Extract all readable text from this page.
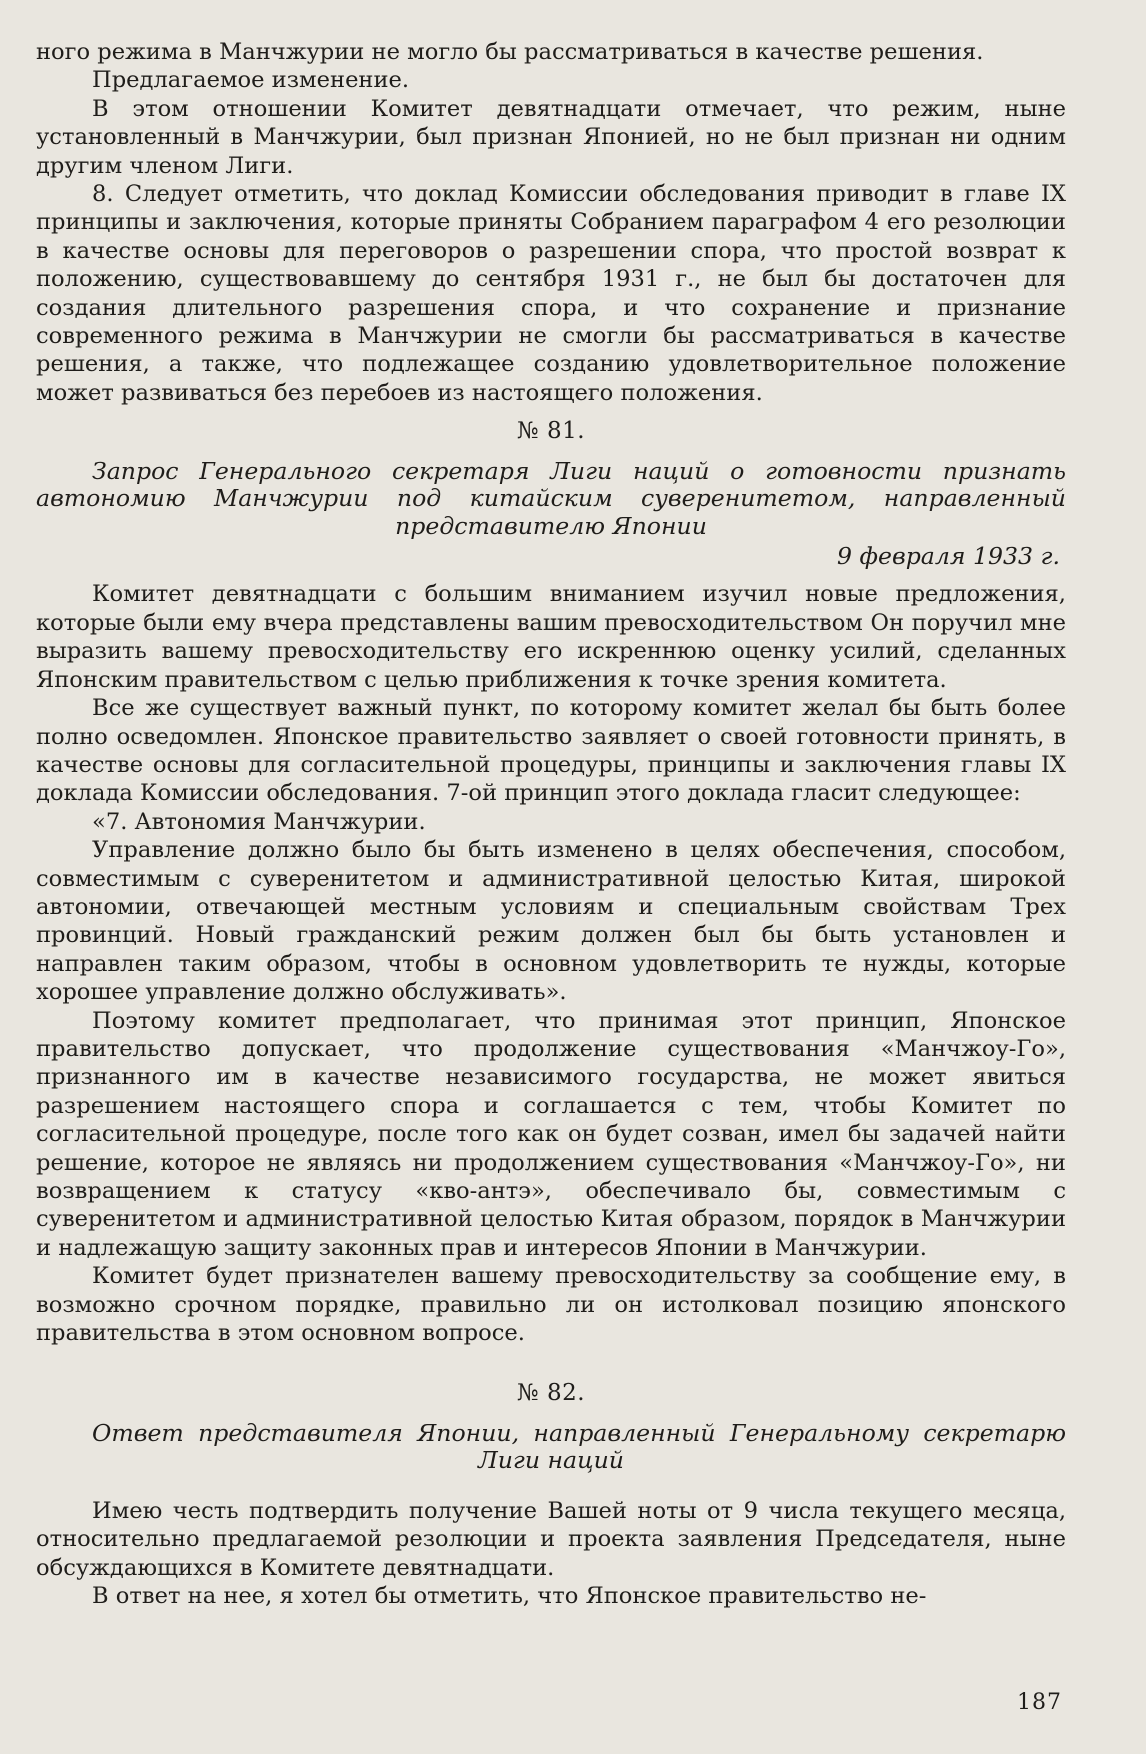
ного режима в Манчжурии не могло бы рассматриваться в качестве решения.

Предлагаемое изменение.

В этом отношении Комитет девятнадцати отмечает, что режим, ныне установленный в Манчжурии, был признан Японией, но не был признан ни одним другим членом Лиги.

8. Следует отметить, что доклад Комиссии обследования приводит в главе IX принципы и заключения, которые приняты Собранием параграфом 4 его резолюции в качестве основы для переговоров о разрешении спора, что простой возврат к положению, существовавшему до сентября 1931 г., не был бы достаточен для создания длительного разрешения спора, и что сохранение и признание современного режима в Манчжурии не смогли бы рассматриваться в качестве решения, а также, что подлежащее созданию удовлетворительное положение может развиваться без перебоев из настоящего положения.

№ 81.

Запрос Генерального секретаря Лиги наций о готовности признать автономию Манчжурии под китайским суверенитетом, направленный представителю Японии

9 февраля 1933 г.

Комитет девятнадцати с большим вниманием изучил новые предложения, которые были ему вчера представлены вашим превосходительством Он поручил мне выразить вашему превосходительству его искреннюю оценку усилий, сделанных Японским правительством с целью приближения к точке зрения комитета.

Все же существует важный пункт, по которому комитет желал бы быть более полно осведомлен. Японское правительство заявляет о своей готовности принять, в качестве основы для согласительной процедуры, принципы и заключения главы IX доклада Комиссии обследования. 7-ой принцип этого доклада гласит следующее:

«7. Автономия Манчжурии.

Управление должно было бы быть изменено в целях обеспечения, способом, совместимым с суверенитетом и административной целостью Китая, широкой автономии, отвечающей местным условиям и специальным свойствам Трех провинций. Новый гражданский режим должен был бы быть установлен и направлен таким образом, чтобы в основном удовлетворить те нужды, которые хорошее управление должно обслуживать».

Поэтому комитет предполагает, что принимая этот принцип, Японское правительство допускает, что продолжение существования «Манчжоу-Го», признанного им в качестве независимого государства, не может явиться разрешением настоящего спора и соглашается с тем, чтобы Комитет по согласительной процедуре, после того как он будет созван, имел бы задачей найти решение, которое не являясь ни продолжением существования «Манчжоу-Го», ни возвращением к статусу «кво-антэ», обеспечивало бы, совместимым с суверенитетом и административной целостью Китая образом, порядок в Манчжурии и надлежащую защиту законных прав и интересов Японии в Манчжурии.

Комитет будет признателен вашему превосходительству за сообщение ему, в возможно срочном порядке, правильно ли он истолковал позицию японского правительства в этом основном вопросе.

№ 82.

Ответ представителя Японии, направленный Генеральному секретарю Лиги наций

Имею честь подтвердить получение Вашей ноты от 9 числа текущего месяца, относительно предлагаемой резолюции и проекта заявления Председателя, ныне обсуждающихся в Комитете девятнадцати.

В ответ на нее, я хотел бы отметить, что Японское правительство не-

187
